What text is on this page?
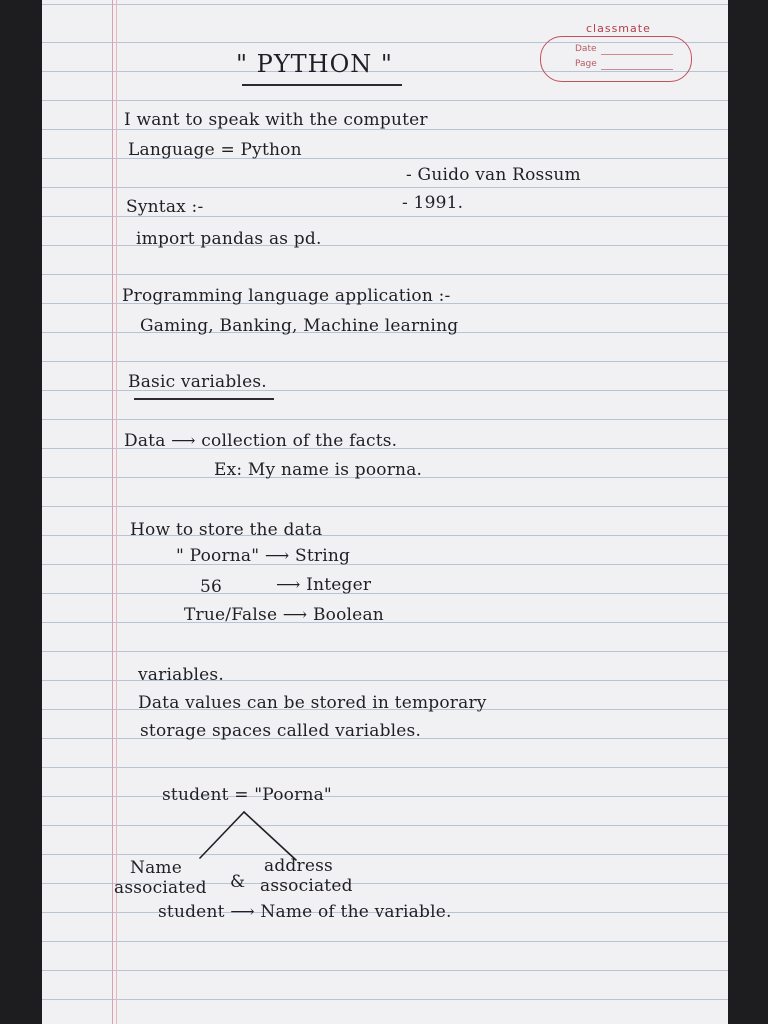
classmate
Date
Page
" PYTHON "
I want to speak with the computer
Language = Python
- Guido van Rossum
Syntax :-	- 1991.
import pandas as pd.
Programming language application :-
Gaming, Banking, Machine learning
Basic variables.
Data ⟶ collection of the facts.
Ex: My name is poorna.
How to store the data
" Poorna" ⟶ String
56	⟶ Integer
True/False ⟶ Boolean
variables.
Data values can be stored in temporary
storage spaces called variables.
student = "Poorna"
Name
associated &
address
associated
student ⟶ Name of the variable.
